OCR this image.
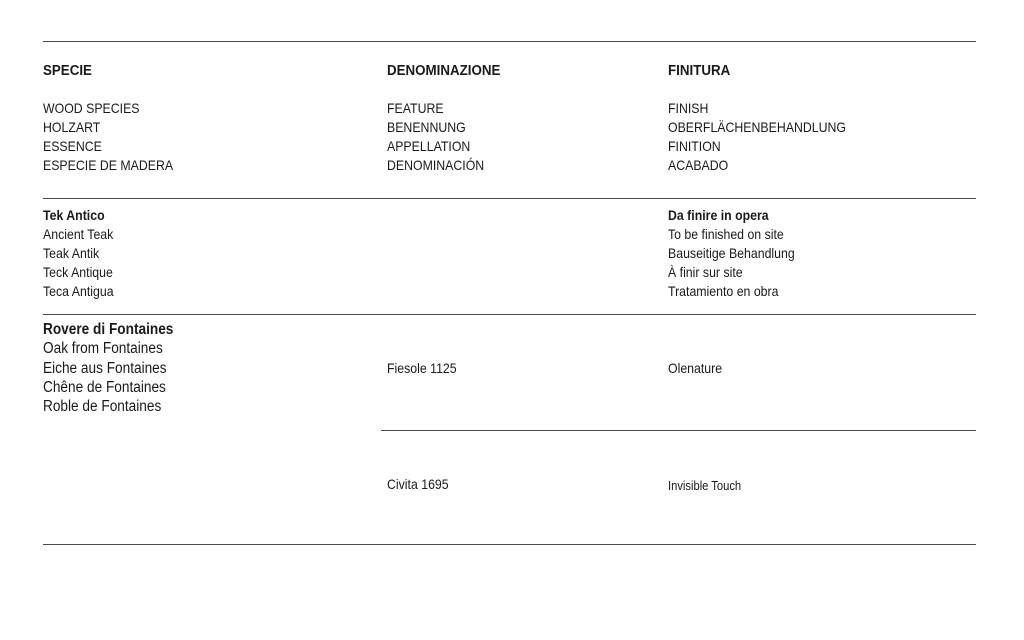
SPECIE
WOOD SPECIES
HOLZART
ESSENCE
ESPECIE DE MADERA
DENOMINAZIONE
FEATURE
BENENNUNG
APPELLATION
DENOMINACIÓN
FINITURA
FINISH
OBERFLÄCHENBEHANDLUNG
FINITION
ACABADO
Tek Antico
Ancient Teak
Teak Antik
Teck Antique
Teca Antigua
Da finire in opera
To be finished on site
Bauseitige Behandlung
À finir sur site
Tratamiento en obra
Rovere di Fontaines
Oak from Fontaines
Eiche aus Fontaines
Chêne de Fontaines
Roble de Fontaines
Fiesole 1125	Olenature
Civita 1695	Invisible Touch
